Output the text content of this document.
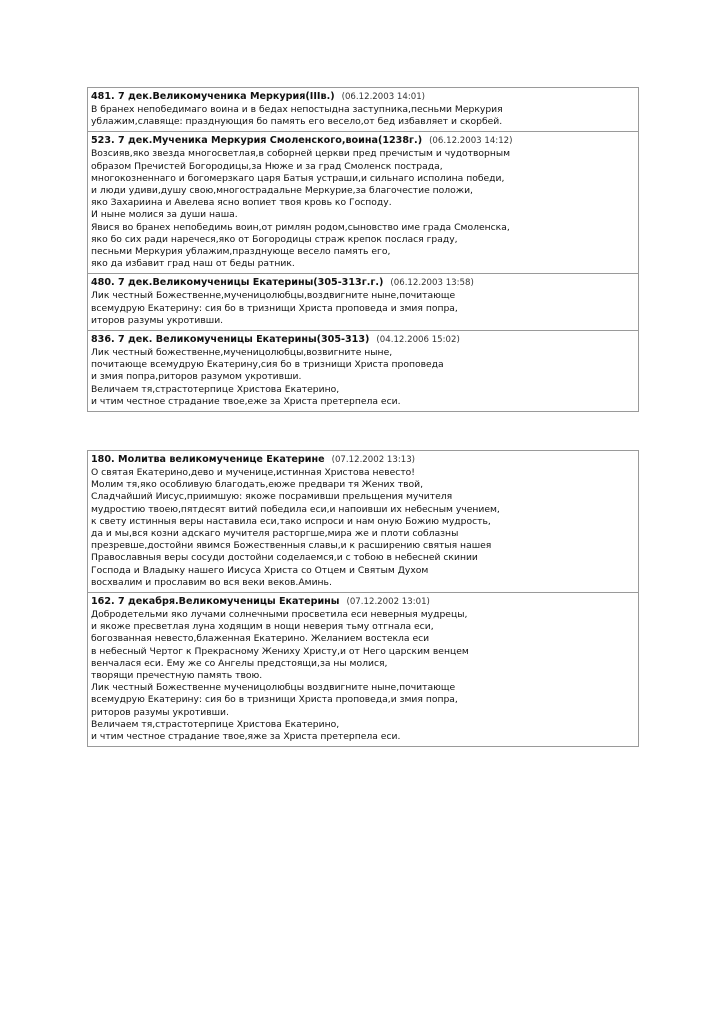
481. 7 дек.Великомученика Меркурия(IIIв.) (06.12.2003 14:01)
В бранех непобедимаго воина и в бедах непостыдна заступника,песньми Меркурия
ублажим,славяще: празднующия бо память его весело,от бед избавляет и скорбей.
523. 7 дек.Мученика Меркурия Смоленского,воина(1238г.) (06.12.2003 14:12)
Возсияв,яко звезда многосветлая,в соборней церкви пред пречистым и чудотворным
образом Пречистей Богородицы,за Нюже и за град Смоленск пострада,
многокозненнаго и богомерзкаго царя Батыя устраши,и сильнаго исполина победи,
и люди удиви,душу свою,многострадальне Меркурие,за благочестие положи,
яко Захариина и Авелева ясно вопиет твоя кровь ко Господу.
И ныне молися за души наша.
Явися во бранех непобедимь воин,от римлян родом,сыновство име града Смоленска,
яко бо сих ради наречеся,яко от Богородицы страж крепок послася граду,
песньми Меркурия ублажим,празднующе весело память его,
яко да избавит град наш от беды ратник.
480. 7 дек.Великомученицы Екатерины(305-313г.г.) (06.12.2003 13:58)
Лик честный Божественне,мученицолюбцы,воздвигните ныне,почитающе
всемудрую Екатерину: сия бо в тризнищи Христа проповеда и змия попра,
иторов разумы укротивши.
836. 7 дек. Великомученицы Екатерины(305-313) (04.12.2006 15:02)
Лик честный божественне,мученицолюбцы,возвигните ныне,
почитающе всемудрую Екатерину,сия бо в тризнищи Христа проповеда
и змия попра,риторов разумом укротивши.
Величаем тя,страстотерпице Христова Екатерино,
и чтим честное страдание твое,еже за Христа претерпела еси.
180. Молитва великомученице Екатерине (07.12.2002 13:13)
О святая Екатерино,дево и мученице,истинная Христова невесто!
Молим тя,яко особливую благодать,еюже предвари тя Жених твой,
Сладчайший Иисус,приимшую: якоже посрамивши прельщения мучителя
мудростию твоею,пятдесят витий победила еси,и напоивши их небесным учением,
к свету истинныя веры наставила еси,тако испроси и нам оную Божию мудрость,
да и мы,вся козни адскаго мучителя расторгше,мира же и плоти соблазны
презревше,достойни явимся Божественныя славы,и к расширению святыя нашея
Православныя веры сосуди достойни соделаемся,и с тобою в небесней скинии
Господа и Владыку нашего Иисуса Христа со Отцем и Святым Духом
восхвалим и прославим во вся веки веков.Аминь.
162. 7 декабря.Великомученицы Екатерины (07.12.2002 13:01)
Добродетельми яко лучами солнечными просветила еси неверныя мудрецы,
и якоже пресветлая луна ходящим в нощи неверия тьму отгнала еси,
богозванная невесто,блаженная Екатерино. Желанием востекла еси
в небесный Чертог к Прекрасному Жениху Христу,и от Него царским венцем
венчалася еси. Ему же со Ангелы предстоящи,за ны молися,
творящи пречестную память твою.
Лик честный Божественне мученицолюбцы воздвигните ныне,почитающе
всемудрую Екатерину: сия бо в тризнищи Христа проповеда,и змия попра,
риторов разумы укротивши.
Величаем тя,страстотерпице Христова Екатерино,
и чтим честное страдание твое,яже за Христа претерпела еси.
